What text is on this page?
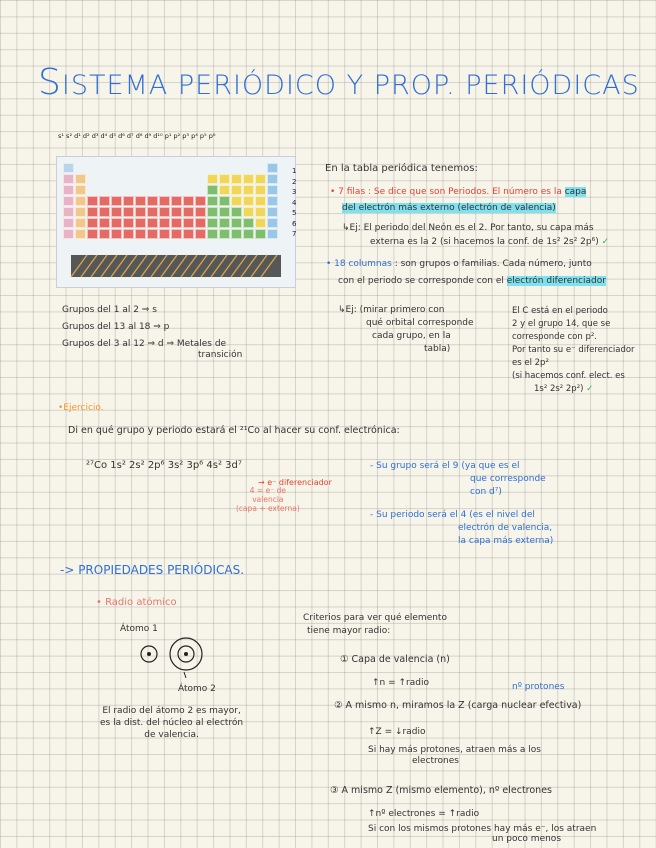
SISTEMA PERIÓDICO Y PROP. PERIÓDICAS
s¹ s² d¹ d² d³ d⁴ d⁵ d⁶ d⁷ d⁸ d⁹ d¹⁰ p¹ p² p³ p⁴ p⁵ p⁶
1
2
3
4
5
6
7
Grupos del 1 al 2 ⇒ s
Grupos del 13 al 18 ⇒ p
Grupos del 3 al 12 ⇒ d ⇒ Metales de
transición
En la tabla periódica tenemos:
• 7 filas : Se dice que son Periodos. El número es la capa
del electrón más externo (electrón de valencia)
↳Ej: El periodo del Neón es el 2. Por tanto, su capa más
externa es la 2 (si hacemos la conf. de 1s² 2s² 2p⁶) ✓
• 18 columnas : son grupos o familias. Cada número, junto
con el periodo se corresponde con el electrón diferenciador
↳Ej: (mirar primero con
qué orbital corresponde
cada grupo, en la
tabla)
El C está en el periodo
2 y el grupo 14, que se
corresponde con p².
Por tanto su e⁻ diferenciador
es el 2p²
(si hacemos conf. elect. es
1s² 2s² 2p²) ✓
•Ejercicio.
Di en qué grupo y periodo estará el ²¹Co al hacer su conf. electrónica:
²⁷Co 1s² 2s² 2p⁶ 3s² 3p⁶ 4s² 3d⁷
→ e⁻ diferenciador
4 = e⁻ de
valencia
(capa + externa)
- Su grupo será el 9 (ya que es el
que corresponde
con d⁷)
- Su periodo será el 4 (es el nivel del
electrón de valencia,
la capa más externa)
-> PROPIEDADES PERIÓDICAS.
• Radio atómico
Átomo 1
Átomo 2
El radio del átomo 2 es mayor,
es la dist. del núcleo al electrón
de valencia.
Criterios para ver qué elemento
tiene mayor radio:
① Capa de valencia (n)
↑n = ↑radio	nº protones
② A mismo n, miramos la Z (carga nuclear efectiva)
↑Z = ↓radio
Si hay más protones, atraen más a los
electrones
③ A mismo Z (mismo elemento), nº electrones
↑nº electrones = ↑radio
Si con los mismos protones hay más e⁻, los atraen
un poco menos
